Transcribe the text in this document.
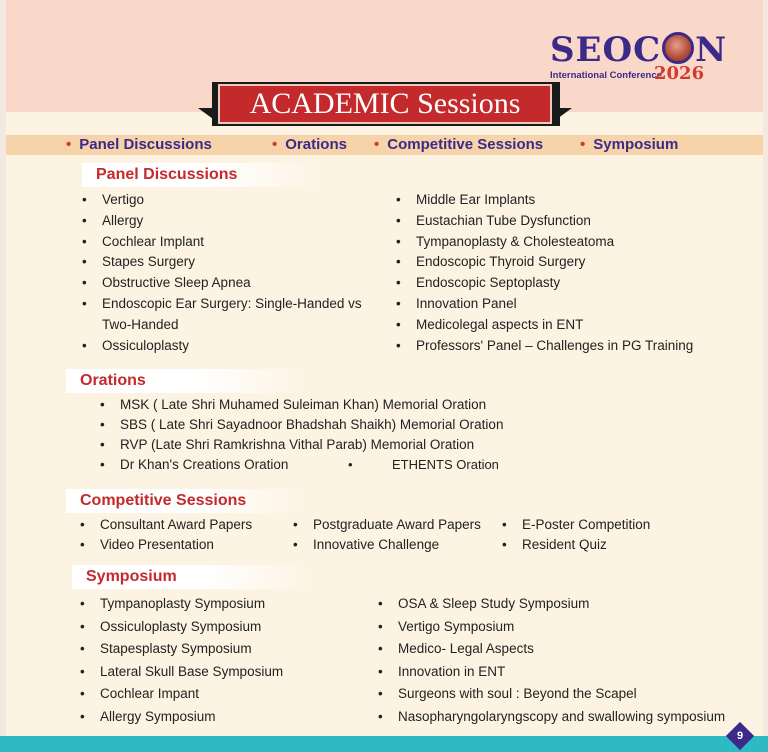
SEOC N
International Conference
2026
ACADEMIC Sessions
• Panel Discussions	• Orations • Competitive Sessions • Symposium
Panel Discussions
• Vertigo
• Allergy
• Cochlear Implant
• Stapes Surgery
• Obstructive Sleep Apnea
• Endoscopic Ear Surgery: Single-Handed vs Two-Handed
• Ossiculoplasty
• Middle Ear Implants
• Eustachian Tube Dysfunction
• Tympanoplasty & Cholesteatoma
• Endoscopic Thyroid Surgery
• Endoscopic Septoplasty
• Innovation Panel
• Medicolegal aspects in ENT
• Professors' Panel – Challenges in PG Training
Orations
• MSK ( Late Shri Muhamed Suleiman Khan) Memorial Oration
• SBS ( Late Shri Sayadnoor Bhadshah Shaikh) Memorial Oration
• RVP (Late Shri Ramkrishna Vithal Parab) Memorial Oration
• Dr Khan's Creations Oration	•	ETHENTS Oration
Competitive Sessions
• Consultant Award Papers
• Video Presentation
• Postgraduate Award Papers
• Innovative Challenge
• E-Poster Competition
• Resident Quiz
Symposium
• Tympanoplasty Symposium
• Ossiculoplasty Symposium
• Stapesplasty Symposium
• Lateral Skull Base Symposium
• Cochlear Impant
• Allergy Symposium
• OSA & Sleep Study Symposium
• Vertigo Symposium
• Medico- Legal Aspects
• Innovation in ENT
• Surgeons with soul : Beyond the Scapel
• Nasopharyngolaryngscopy and swallowing symposium
9
